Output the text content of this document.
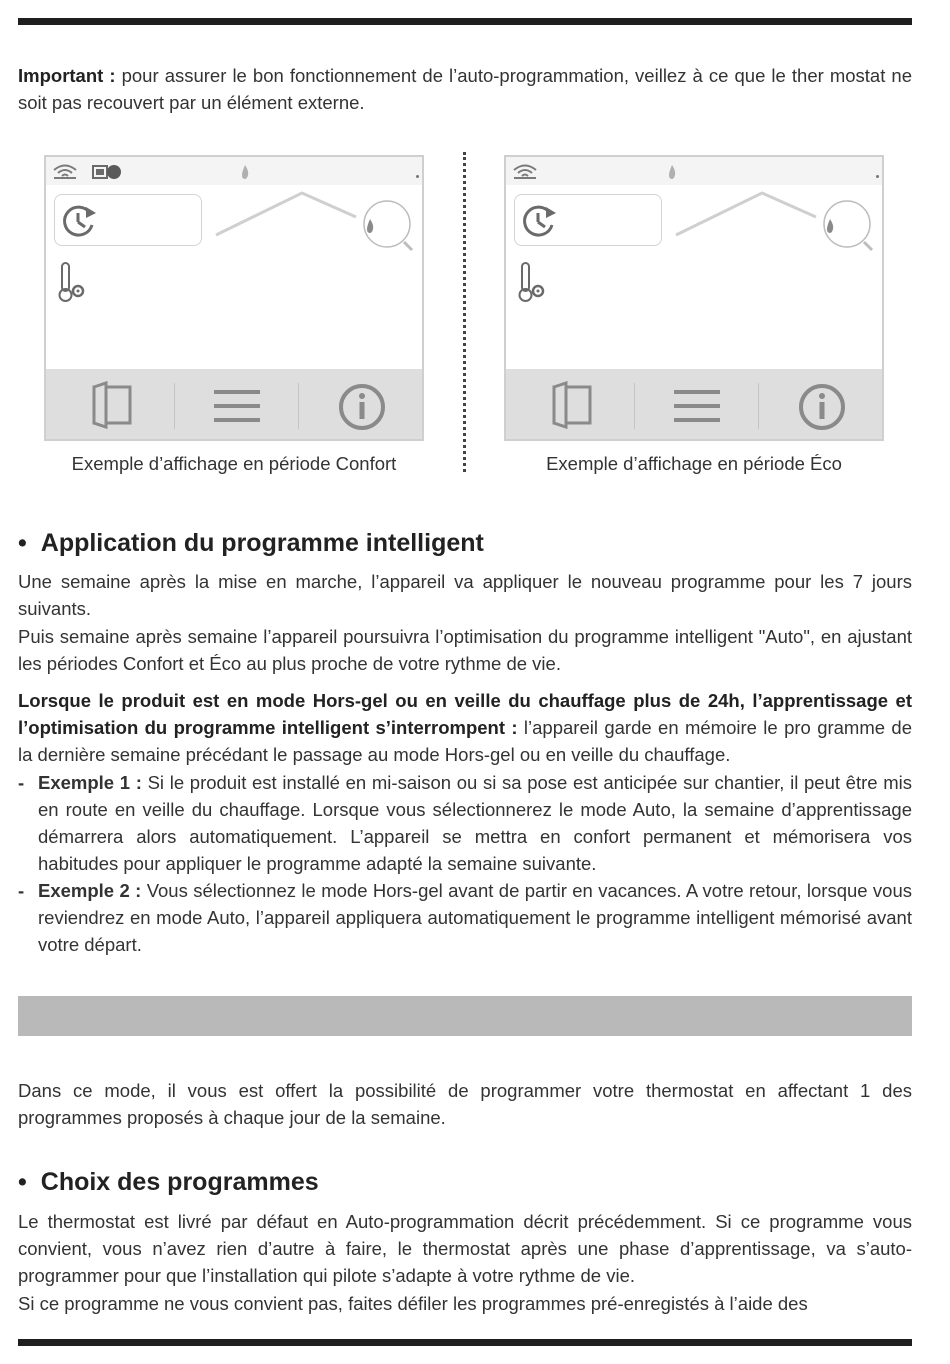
Important : pour assurer le bon fonctionnement de l’auto-programmation, veillez à ce que le ther mostat ne soit pas recouvert par un élément externe.

Exemple d’affichage en période Confort	Exemple d’affichage en période Éco
• Application du programme intelligent

Une semaine après la mise en marche, l’appareil va appliquer le nouveau programme pour les 7 jours suivants.

Puis semaine après semaine l’appareil poursuivra l’optimisation du programme intelligent "Auto", en ajustant les périodes Confort et Éco au plus proche de votre rythme de vie.

Lorsque le produit est en mode Hors-gel ou en veille du chauffage plus de 24h, l’apprentissage et l’optimisation du programme intelligent s’interrompent : l’appareil garde en mémoire le pro gramme de la dernière semaine précédant le passage au mode Hors-gel ou en veille du chauffage.

- Exemple 1 : Si le produit est installé en mi-saison ou si sa pose est anticipée sur chantier, il peut être mis en route en veille du chauffage. Lorsque vous sélectionnerez le mode Auto, la semaine d’apprentissage démarrera alors automatiquement. L’appareil se mettra en confort permanent et mémorisera vos habitudes pour appliquer le programme adapté la semaine suivante.

- Exemple 2 : Vous sélectionnez le mode Hors-gel avant de partir en vacances. A votre retour, lorsque vous reviendrez en mode Auto, l’appareil appliquera automatiquement le programme intelligent mémorisé avant votre départ.

Dans ce mode, il vous est offert la possibilité de programmer votre thermostat en affectant 1 des programmes proposés à chaque jour de la semaine.

• Choix des programmes

Le thermostat est livré par défaut en Auto-programmation décrit précédemment. Si ce programme vous convient, vous n’avez rien d’autre à faire, le thermostat après une phase d’apprentissage, va s’auto-programmer pour que l’installation qui pilote s’adapte à votre rythme de vie.

Si ce programme ne vous convient pas, faites défiler les programmes pré-enregistés à l’aide des
